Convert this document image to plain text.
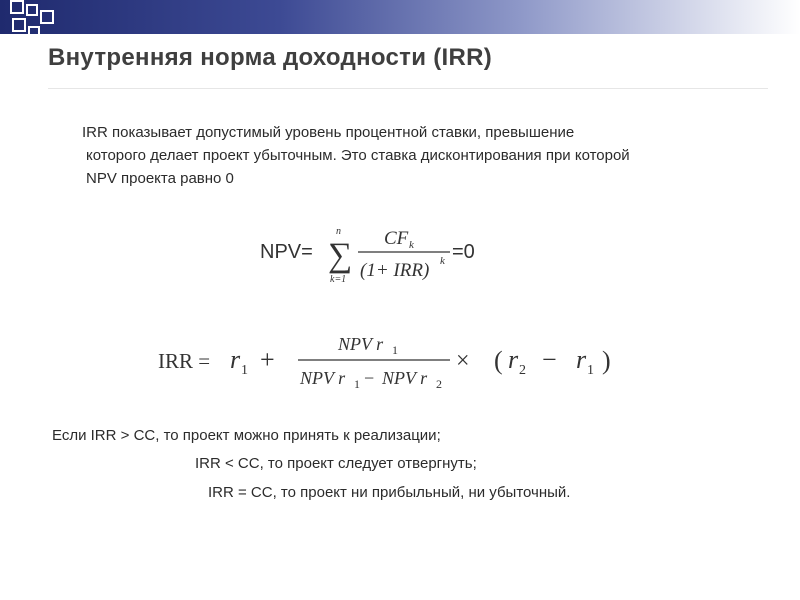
Внутренняя норма доходности (IRR)
IRR показывает допустимый уровень процентной ставки, превышение
которого делает проект убыточным. Это ставка дисконтирования при которой
NPV проекта равно 0
NPV=
n
∑
k=1
CF k
(1+ IRR) k =0
IRR = r 1 +
NPV r 1
NPV r 1 − NPV r 2
× ( r 2 − r 1 )
Если IRR > CC, то проект можно принять к реализации;
IRR < CC, то проект следует отвергнуть;
IRR = CC, то проект ни прибыльный, ни убыточный.
